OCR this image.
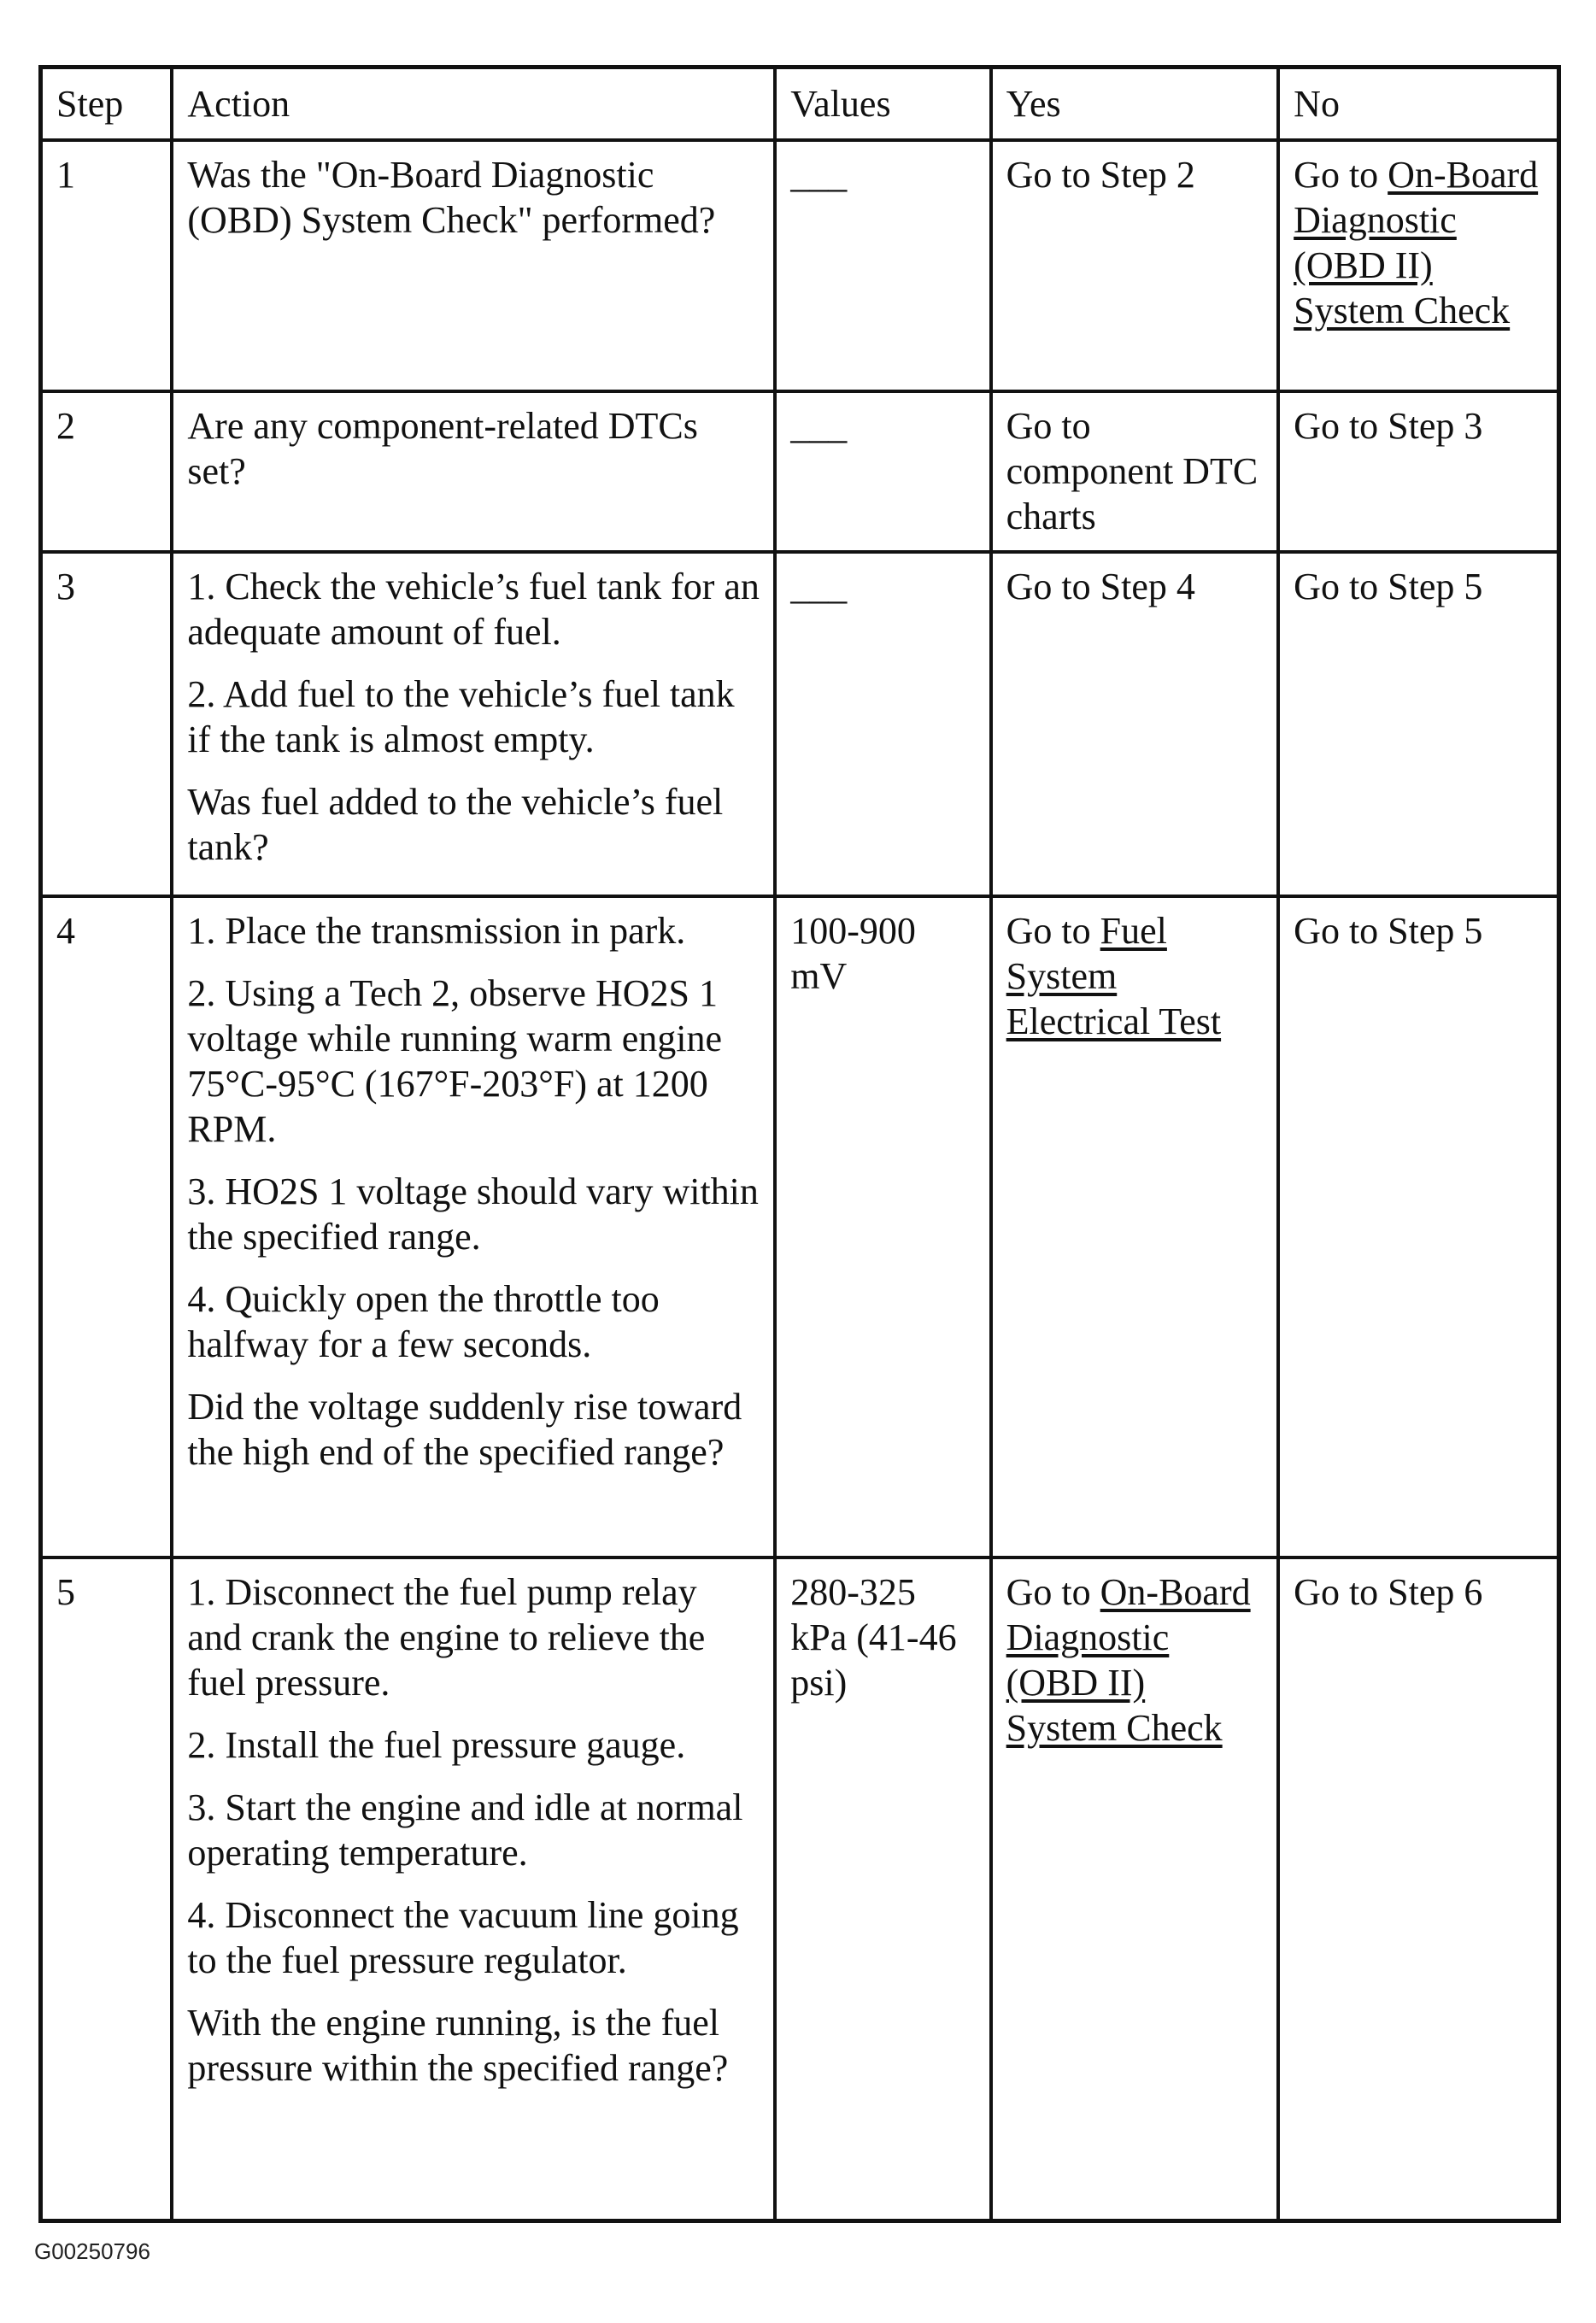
Step	Action	Values	Yes	No
1	Was the "On-Board Diagnostic (OBD) System Check" performed?	___	Go to Step 2	Go to On-Board Diagnostic (OBD II) System Check
2	Are any component-related DTCs set?	___	Go to component DTC charts	Go to Step 3
3	1. Check the vehicle’s fuel tank for an adequate amount of fuel.
2. Add fuel to the vehicle’s fuel tank if the tank is almost empty.
Was fuel added to the vehicle’s fuel tank?	___	Go to Step 4	Go to Step 5
4	1. Place the transmission in park.
2. Using a Tech 2, observe HO2S 1 voltage while running warm engine 75°C-95°C (167°F-203°F) at 1200 RPM.
3. HO2S 1 voltage should vary within the specified range.
4. Quickly open the throttle too halfway for a few seconds.
Did the voltage suddenly rise toward the high end of the specified range?	100-900 mV	Go to Fuel System Electrical Test	Go to Step 5
5	1. Disconnect the fuel pump relay and crank the engine to relieve the fuel pressure.
2. Install the fuel pressure gauge.
3. Start the engine and idle at normal operating temperature.
4. Disconnect the vacuum line going to the fuel pressure regulator.
With the engine running, is the fuel pressure within the specified range?	280-325 kPa (41-46 psi)	Go to On-Board Diagnostic (OBD II) System Check	Go to Step 6
G00250796
